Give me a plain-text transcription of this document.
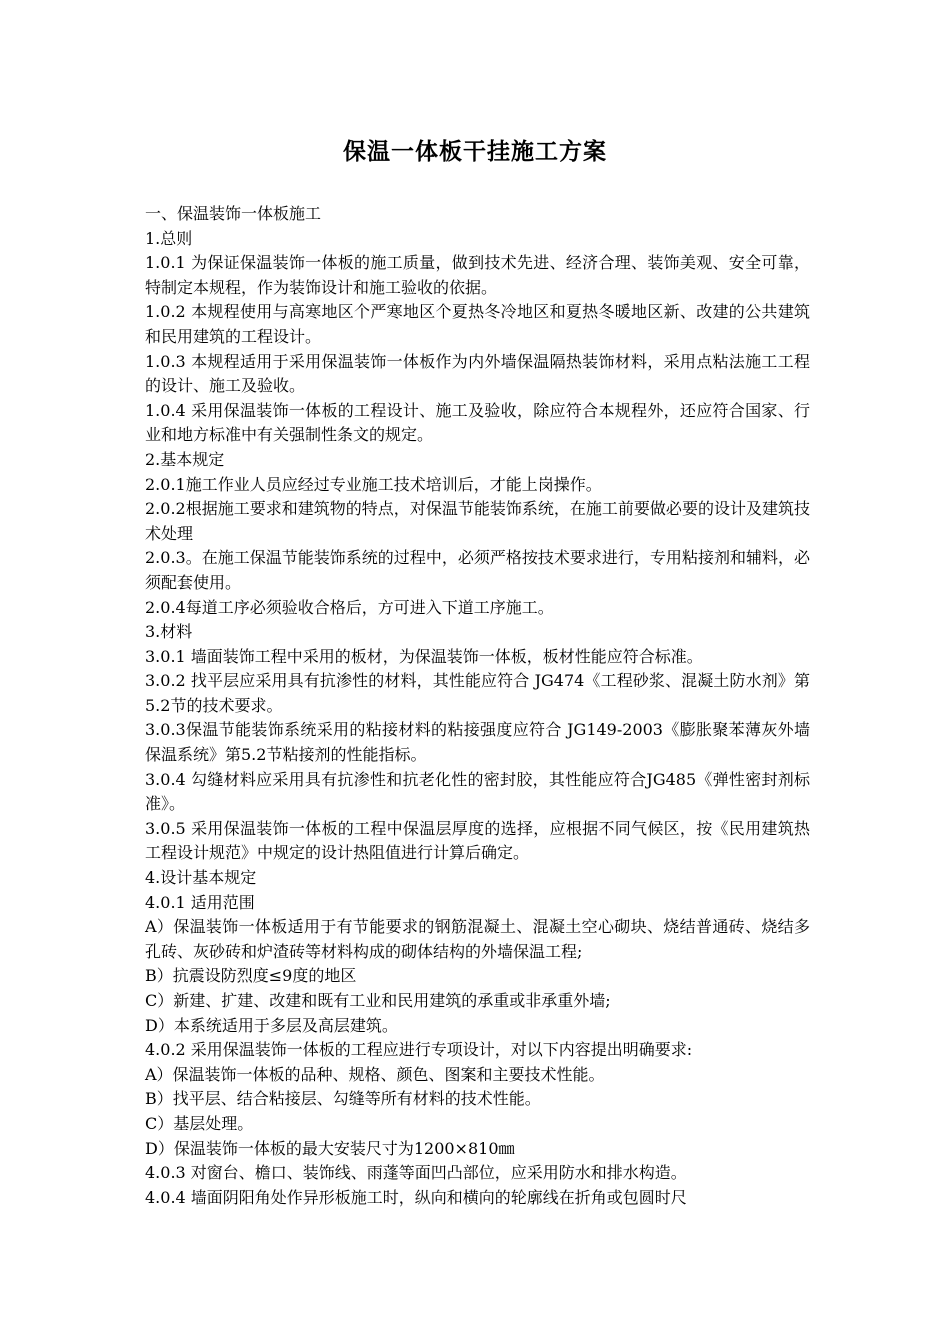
保温一体板干挂施工方案

一、保温装饰一体板施工

1.总则

1.0.1 为保证保温装饰一体板的施工质量，做到技术先进、经济合理、装饰美观、安全可靠，特制定本规程，作为装饰设计和施工验收的依据。

1.0.2 本规程使用与高寒地区个严寒地区个夏热冬冷地区和夏热冬暖地区新、改建的公共建筑和民用建筑的工程设计。

1.0.3 本规程适用于采用保温装饰一体板作为内外墙保温隔热装饰材料，采用点粘法施工工程的设计、施工及验收。

1.0.4 采用保温装饰一体板的工程设计、施工及验收，除应符合本规程外，还应符合国家、行业和地方标准中有关强制性条文的规定。

2.基本规定

2.0.1施工作业人员应经过专业施工技术培训后，才能上岗操作。

2.0.2根据施工要求和建筑物的特点，对保温节能装饰系统，在施工前要做必要的设计及建筑技术处理

2.0.3。在施工保温节能装饰系统的过程中，必须严格按技术要求进行，专用粘接剂和辅料，必须配套使用。

2.0.4每道工序必须验收合格后，方可进入下道工序施工。

3.材料

3.0.1 墙面装饰工程中采用的板材，为保温装饰一体板，板材性能应符合标准。

3.0.2 找平层应采用具有抗渗性的材料，其性能应符合 JG474《工程砂浆、混凝土防水剂》第5.2节的技术要求。

3.0.3保温节能装饰系统采用的粘接材料的粘接强度应符合 JG149-2003《膨胀聚苯薄灰外墙保温系统》第5.2节粘接剂的性能指标。

3.0.4 勾缝材料应采用具有抗渗性和抗老化性的密封胶，其性能应符合JG485《弹性密封剂标准》。

3.0.5 采用保温装饰一体板的工程中保温层厚度的选择，应根据不同气候区，按《民用建筑热工程设计规范》中规定的设计热阻值进行计算后确定。

4.设计基本规定

4.0.1 适用范围

A）保温装饰一体板适用于有节能要求的钢筋混凝土、混凝土空心砌块、烧结普通砖、烧结多孔砖、灰砂砖和炉渣砖等材料构成的砌体结构的外墙保温工程;

B）抗震设防烈度≤9度的地区

C）新建、扩建、改建和既有工业和民用建筑的承重或非承重外墙;

D）本系统适用于多层及高层建筑。

4.0.2 采用保温装饰一体板的工程应进行专项设计，对以下内容提出明确要求:

A）保温装饰一体板的品种、规格、颜色、图案和主要技术性能。

B）找平层、结合粘接层、勾缝等所有材料的技术性能。

C）基层处理。

D）保温装饰一体板的最大安装尺寸为1200×810㎜

4.0.3 对窗台、檐口、装饰线、雨蓬等面凹凸部位，应采用防水和排水构造。

4.0.4 墙面阴阳角处作异形板施工时，纵向和横向的轮廓线在折角或包圆时尺
